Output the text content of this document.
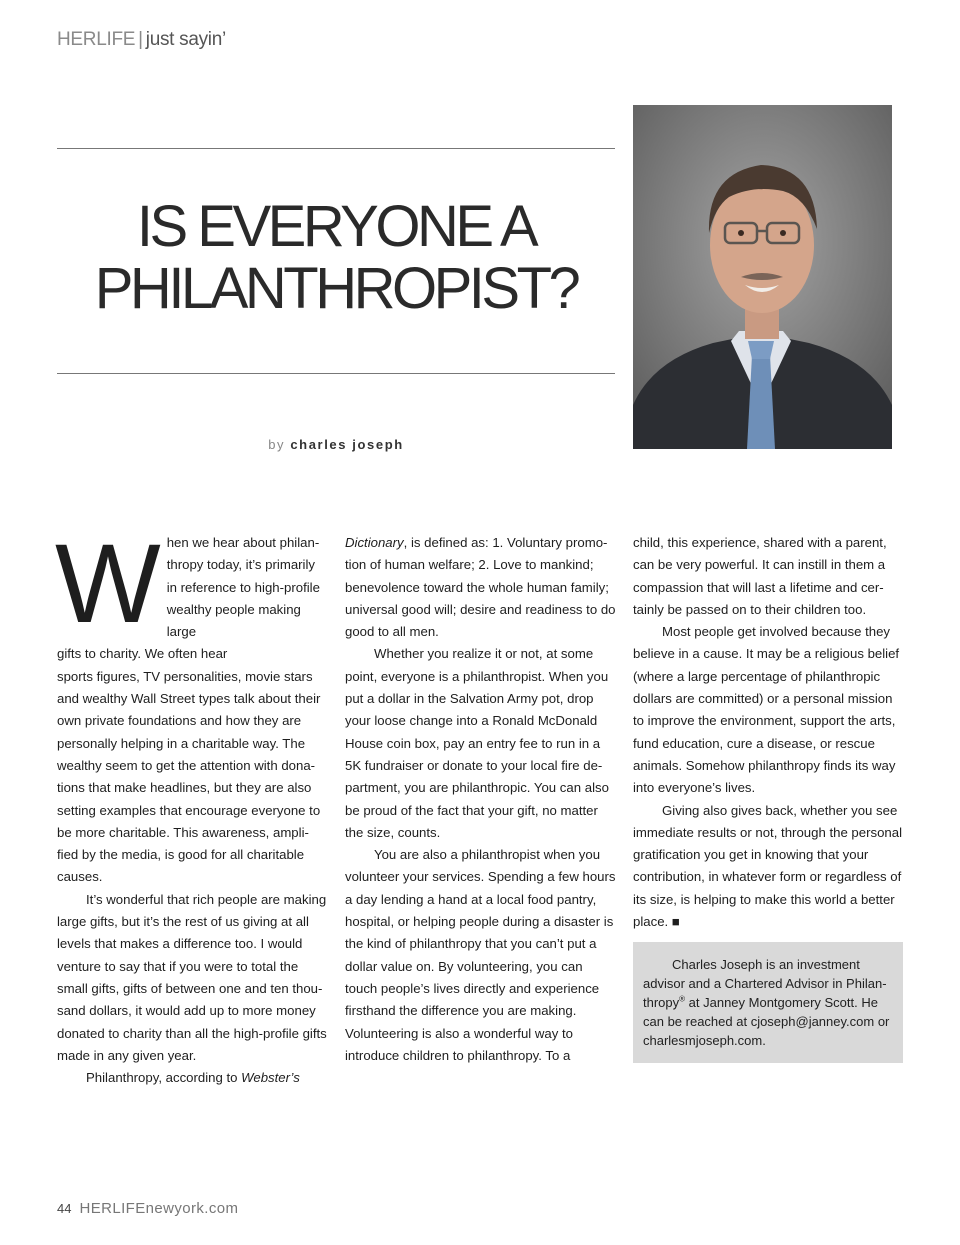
HERLIFE | just sayin’
IS EVERYONE A
PHILANTHROPIST?
by charles joseph
W hen we hear about philan-
thropy today, it’s primarily
in reference to high-profile
wealthy people making large
gifts to charity. We often hear

sports figures, TV personalities, movie stars and wealthy Wall Street types talk about their own private foundations and how they are personally helping in a charitable way. The wealthy seem to get the attention with dona-tions that make headlines, but they are also setting examples that encourage everyone to be more charitable. This awareness, ampli-fied by the media, is good for all charitable causes.

It’s wonderful that rich people are making large gifts, but it’s the rest of us giving at all levels that makes a difference too. I would venture to say that if you were to total the small gifts, gifts of between one and ten thou-sand dollars, it would add up to more money donated to charity than all the high-profile gifts made in any given year.

Philanthropy, according to Webster’s

Dictionary, is defined as: 1. Voluntary promo-tion of human welfare; 2. Love to mankind; benevolence toward the whole human family; universal good will; desire and readiness to do good to all men.

Whether you realize it or not, at some point, everyone is a philanthropist. When you put a dollar in the Salvation Army pot, drop your loose change into a Ronald McDonald House coin box, pay an entry fee to run in a 5K fundraiser or donate to your local fire de-partment, you are philanthropic. You can also be proud of the fact that your gift, no matter the size, counts.

You are also a philanthropist when you volunteer your services. Spending a few hours a day lending a hand at a local food pantry, hospital, or helping people during a disaster is the kind of philanthropy that you can’t put a dollar value on. By volunteering, you can touch people’s lives directly and experience firsthand the difference you are making. Volunteering is also a wonderful way to introduce children to philanthropy. To a

child, this experience, shared with a parent, can be very powerful. It can instill in them a compassion that will last a lifetime and cer-tainly be passed on to their children too.

Most people get involved because they believe in a cause. It may be a religious belief (where a large percentage of philanthropic dollars are committed) or a personal mission to improve the environment, support the arts, fund education, cure a disease, or rescue animals. Somehow philanthropy finds its way into everyone’s lives.

Giving also gives back, whether you see immediate results or not, through the personal gratification you get in knowing that your contribution, in whatever form or regardless of its size, is helping to make this world a better place. ■

Charles Joseph is an investment advisor and a Chartered Advisor in Philan-thropy® at Janney Montgomery Scott. He can be reached at cjoseph@janney.com or charlesmjoseph.com.

44 HERLIFEnewyork.com
